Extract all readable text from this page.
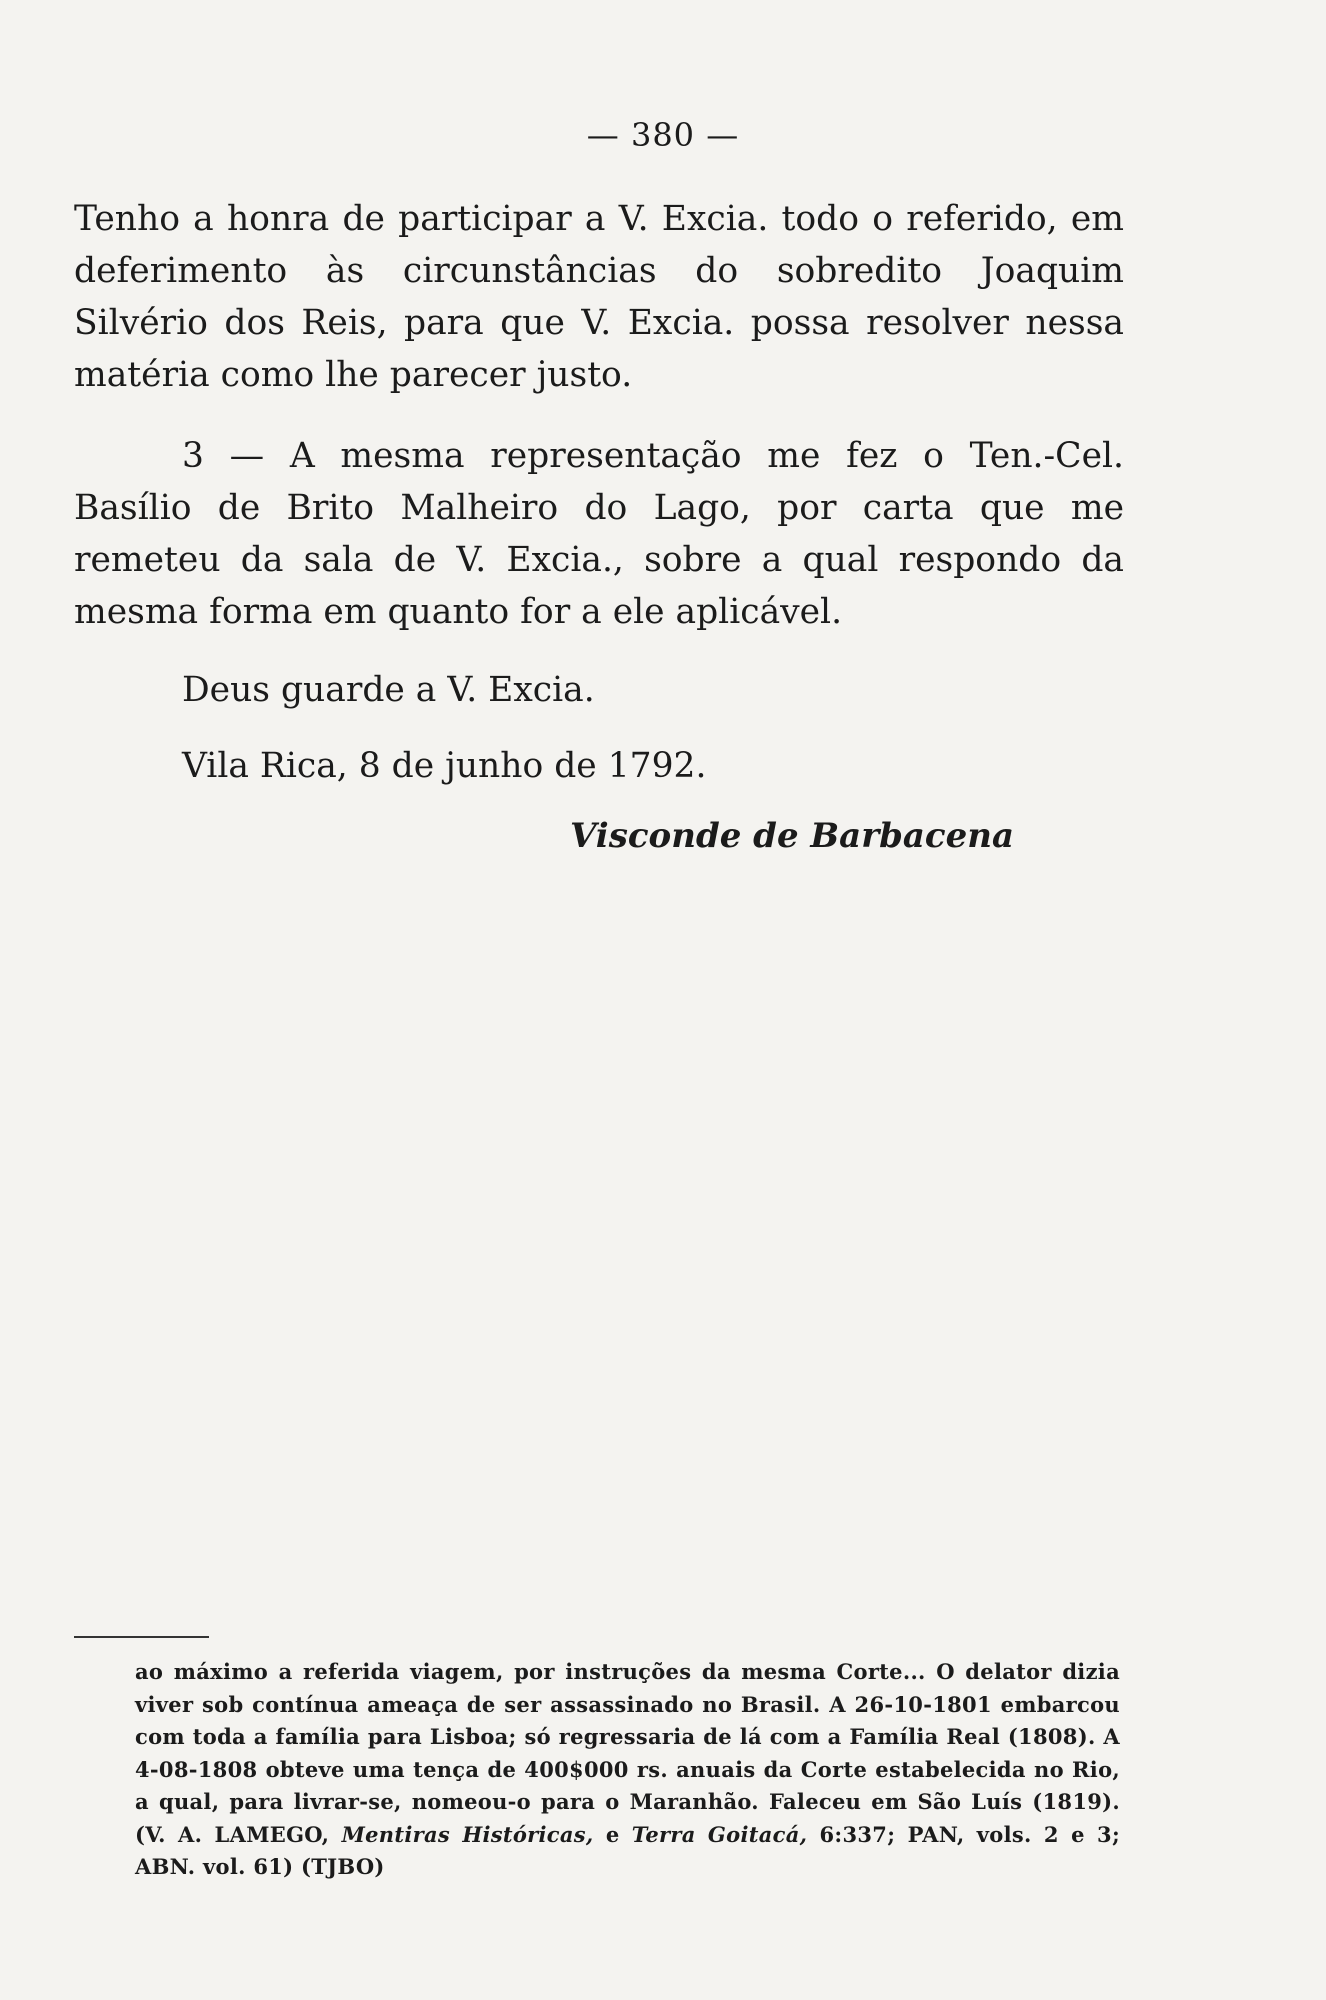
— 380 —

Tenho a honra de participar a V. Excia. todo o referido, em deferimento às circunstâncias do sobredito Joaquim Silvério dos Reis, para que V. Excia. possa resolver nessa matéria como lhe parecer justo.

3 — A mesma representação me fez o Ten.-Cel. Basílio de Brito Malheiro do Lago, por carta que me remeteu da sala de V. Excia., sobre a qual respondo da mesma forma em quanto for a ele aplicável.

Deus guarde a V. Excia.
Vila Rica, 8 de junho de 1792.
Visconde de Barbacena

ao máximo a referida viagem, por instruções da mesma Corte... O delator dizia viver sob contínua ameaça de ser assassinado no Brasil. A 26-10-1801 embarcou com toda a família para Lisboa; só regressaria de lá com a Família Real (1808). A 4-08-1808 obteve uma tença de 400$000 rs. anuais da Corte estabelecida no Rio, a qual, para livrar-se, nomeou-o para o Maranhão. Faleceu em São Luís (1819). (V. A. LAMEGO, Mentiras Históricas, e Terra Goitacá, 6:337; PAN, vols. 2 e 3; ABN. vol. 61) (TJBO)
